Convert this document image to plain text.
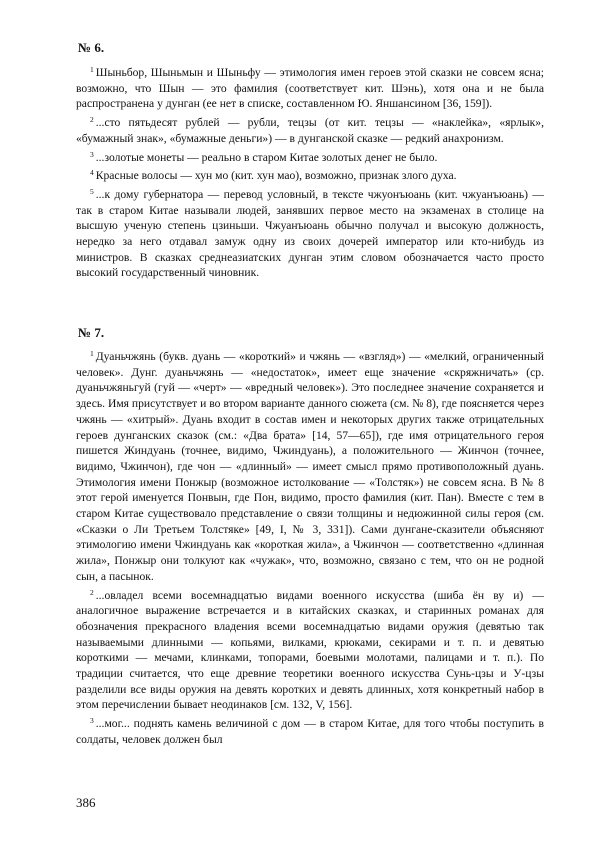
№ 6.

$^1$ Шыньбор, Шыньмын и Шыньфу — этимология имен героев этой сказки не совсем ясна; возможно, что Шын — это фамилия (соответствует кит. Шэнь), хотя она и не была распространена у дунган (ее нет в списке, составленном Ю. Яншансином [36, 159]).

$^2$ ...сто пятьдесят рублей — рубли, тецзы (от кит. тецзы — «наклейка», «ярлык», «бумажный знак», «бумажные деньги») — в дунганской сказке — редкий анахронизм.

$^3$ ...золотые монеты — реально в старом Китае золотых денег не было.

$^4$ Красные волосы — хун мо (кит. хун мао), возможно, признак злого духа.

$^5$ ...к дому губернатора — перевод условный, в тексте чжуонъюань (кит. чжуанъюань) — так в старом Китае называли людей, занявших первое место на экзаменах в столице на высшую ученую степень цзиньши. Чжуанъюань обычно получал и высокую должность, нередко за него отдавал замуж одну из своих дочерей император или кто-нибудь из министров. В сказках среднеазиатских дунган этим словом обозначается часто просто высокий государственный чиновник.

№ 7.

$^1$ Дуаньчжянь (букв. дуань — «короткий» и чжянь — «взгляд») — «мелкий, ограниченный человек». Дунг. дуаньчжянь — «недостаток», имеет еще значение «скряжничать» (ср. дуаньчжяньгуй (гуй — «черт» — «вредный человек»). Это последнее значение сохраняется и здесь. Имя присутствует и во втором варианте данного сюжета (см. № 8), где поясняется через чжянь — «хитрый». Дуань входит в состав имен и некоторых других также отрицательных героев дунганских сказок (см.: «Два брата» [14, 57—65]), где имя отрицательного героя пишется Жиндуань (точнее, видимо, Чжиндуань), а положительного — Жинчон (точнее, видимо, Чжинчон), где чон — «длинный» — имеет смысл прямо противоположный дуань. Этимология имени Понжыр (возможное истолкование — «Толстяк») не совсем ясна. В № 8 этот герой именуется Понвын, где Пон, видимо, просто фамилия (кит. Пан). Вместе с тем в старом Китае существовало представление о связи толщины и недюжинной силы героя (см. «Сказки о Ли Третьем Толстяке» [49, I, № 3, 331]). Сами дунгане-сказители объясняют этимологию имени Чжиндуань как «короткая жила», а Чжинчон — соответственно «длинная жила», Понжыр они толкуют как «чужак», что, возможно, связано с тем, что он не родной сын, а пасынок.

$^2$ ...овладел всеми восемнадцатью видами военного искусства (шиба ён ву и) — аналогичное выражение встречается и в китайских сказках, и старинных романах для обозначения прекрасного владения всеми восемнадцатью видами оружия (девятью так называемыми длинными — копьями, вилками, крюками, секирами и т. п. и девятью короткими — мечами, клинками, топорами, боевыми молотами, палицами и т. п.). По традиции считается, что еще древние теоретики военного искусства Сунь-цзы и У-цзы разделили все виды оружия на девять коротких и девять длинных, хотя конкретный набор в этом перечислении бывает неодинаков [см. 132, V, 156].

$^3$ ...мог... поднять камень величиной с дом — в старом Китае, для того чтобы поступить в солдаты, человек должен был

386
